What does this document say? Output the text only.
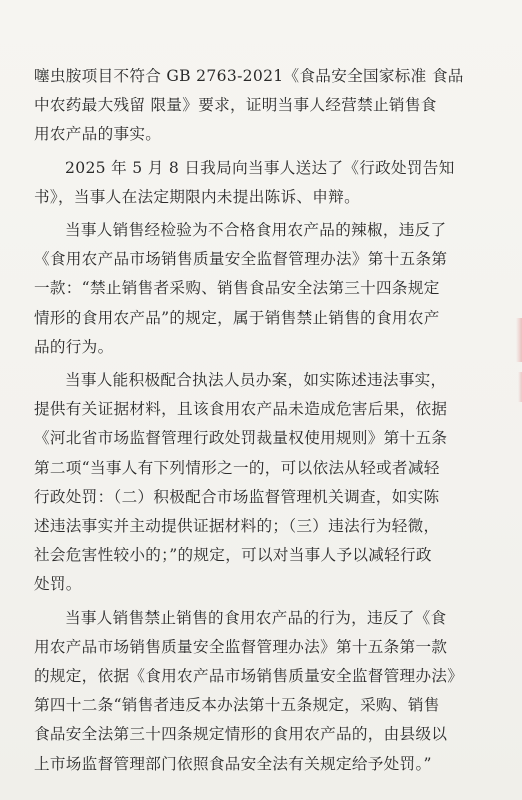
噻虫胺项目不符合 GB 2763-2021《食品安全国家标准 食品
中农药最大残留 限量》要求，证明当事人经营禁止销售食
用农产品的事实。
2025 年 5 月 8 日我局向当事人送达了《行政处罚告知
书》，当事人在法定期限内未提出陈诉、申辩。
当事人销售经检验为不合格食用农产品的辣椒，违反了
《食用农产品市场销售质量安全监督管理办法》第十五条第
一款：“禁止销售者采购、销售食品安全法第三十四条规定
情形的食用农产品”的规定，属于销售禁止销售的食用农产
品的行为。
当事人能积极配合执法人员办案，如实陈述违法事实，
提供有关证据材料，且该食用农产品未造成危害后果，依据
《河北省市场监督管理行政处罚裁量权使用规则》第十五条
第二项“当事人有下列情形之一的，可以依法从轻或者减轻
行政处罚：（二）积极配合市场监督管理机关调查，如实陈
述违法事实并主动提供证据材料的；（三）违法行为轻微，
社会危害性较小的；”的规定，可以对当事人予以减轻行政
处罚。
当事人销售禁止销售的食用农产品的行为，违反了《食
用农产品市场销售质量安全监督管理办法》第十五条第一款
的规定，依据《食用农产品市场销售质量安全监督管理办法》
第四十二条“销售者违反本办法第十五条规定，采购、销售
食品安全法第三十四条规定情形的食用农产品的，由县级以
上市场监督管理部门依照食品安全法有关规定给予处罚。”
